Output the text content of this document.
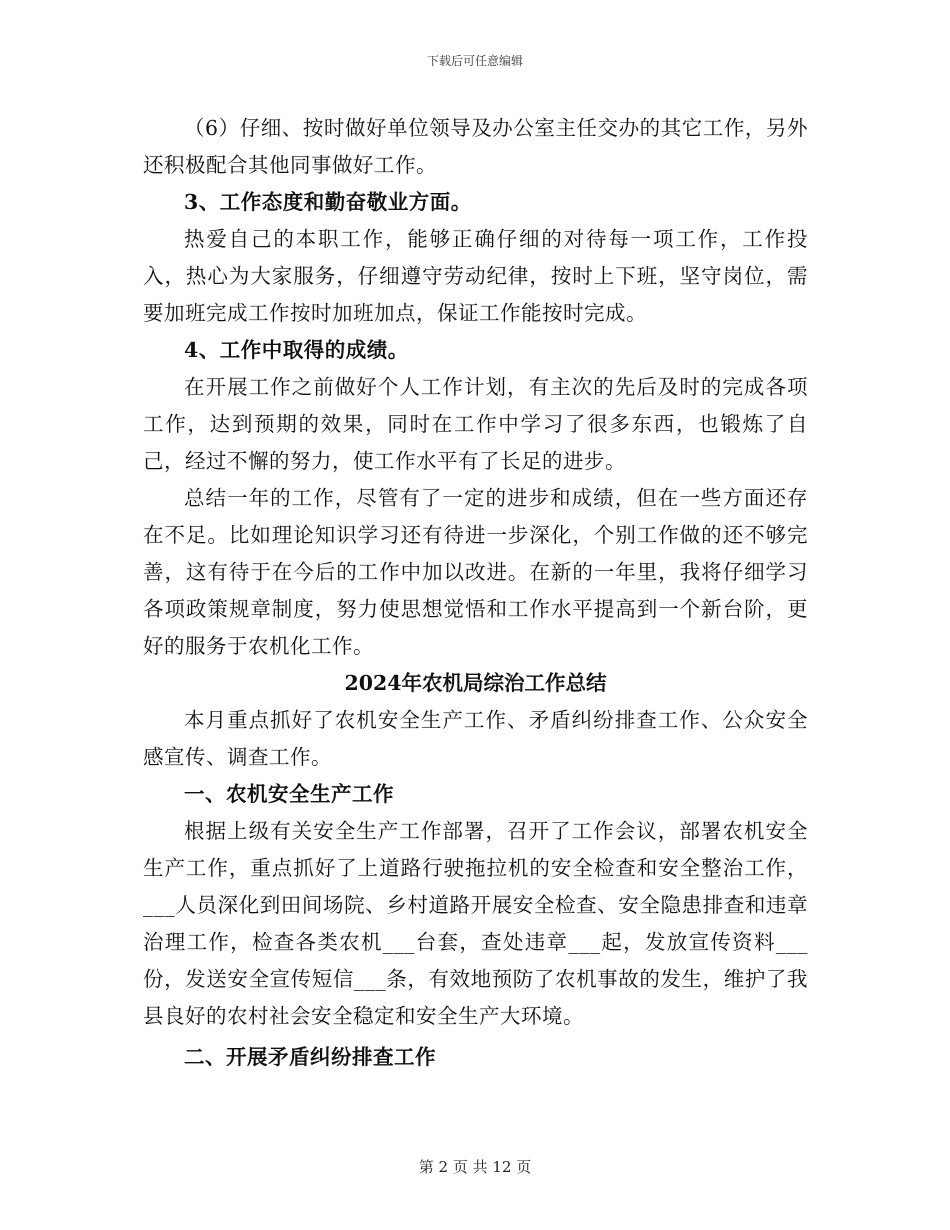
下载后可任意编辑

（6）仔细、按时做好单位领导及办公室主任交办的其它工作，另外还积极配合其他同事做好工作。

3、工作态度和勤奋敬业方面。

热爱自己的本职工作，能够正确仔细的对待每一项工作，工作投入，热心为大家服务，仔细遵守劳动纪律，按时上下班，坚守岗位，需要加班完成工作按时加班加点，保证工作能按时完成。

4、工作中取得的成绩。

在开展工作之前做好个人工作计划，有主次的先后及时的完成各项工作，达到预期的效果，同时在工作中学习了很多东西，也锻炼了自己，经过不懈的努力，使工作水平有了长足的进步。

总结一年的工作，尽管有了一定的进步和成绩，但在一些方面还存在不足。比如理论知识学习还有待进一步深化，个别工作做的还不够完善，这有待于在今后的工作中加以改进。在新的一年里，我将仔细学习各项政策规章制度，努力使思想觉悟和工作水平提高到一个新台阶，更好的服务于农机化工作。

2024年农机局综治工作总结

本月重点抓好了农机安全生产工作、矛盾纠纷排查工作、公众安全感宣传、调查工作。

一、农机安全生产工作

根据上级有关安全生产工作部署，召开了工作会议，部署农机安全生产工作，重点抓好了上道路行驶拖拉机的安全检查和安全整治工作，___人员深化到田间场院、乡村道路开展安全检查、安全隐患排查和违章治理工作，检查各类农机___台套，查处违章___起，发放宣传资料___份，发送安全宣传短信___条，有效地预防了农机事故的发生，维护了我县良好的农村社会安全稳定和安全生产大环境。

二、开展矛盾纠纷排查工作

第 2 页 共 12 页
